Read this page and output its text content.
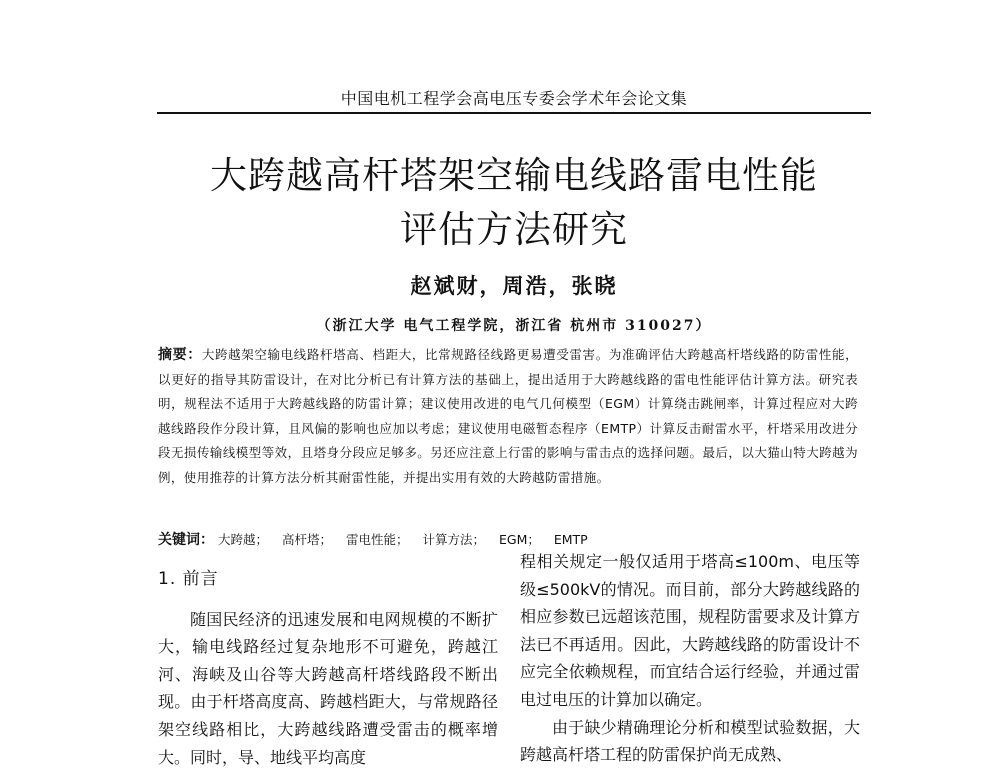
中国电机工程学会高电压专委会学术年会论文集
大跨越高杆塔架空输电线路雷电性能
评估方法研究
赵斌财，周浩，张晓
（浙江大学 电气工程学院，浙江省 杭州市 310027）
摘要：大跨越架空输电线路杆塔高、档距大，比常规路径线路更易遭受雷害。为准确评估大跨越高杆塔线路的防雷性能，以更好的指导其防雷设计，在对比分析已有计算方法的基础上，提出适用于大跨越线路的雷电性能评估计算方法。研究表明，规程法不适用于大跨越线路的防雷计算；建议使用改进的电气几何模型（EGM）计算绕击跳闸率，计算过程应对大跨越线路段作分段计算，且风偏的影响也应加以考虑；建议使用电磁暂态程序（EMTP）计算反击耐雷水平，杆塔采用改进分段无损传输线模型等效，且塔身分段应足够多。另还应注意上行雷的影响与雷击点的选择问题。最后，以大猫山特大跨越为例，使用推荐的计算方法分析其耐雷性能，并提出实用有效的大跨越防雷措施。
关键词： 大跨越； 高杆塔； 雷电性能； 计算方法； EGM； EMTP
1. 前言

随国民经济的迅速发展和电网规模的不断扩大，输电线路经过复杂地形不可避免，跨越江河、海峡及山谷等大跨越高杆塔线路段不断出现。由于杆塔高度高、跨越档距大，与常规路径架空线路相比，大跨越线路遭受雷击的概率增大。同时，导、地线平均高度

程相关规定一般仅适用于塔高≤100m、电压等级≤500kV的情况。而目前，部分大跨越线路的相应参数已远超该范围，规程防雷要求及计算方法已不再适用。因此，大跨越线路的防雷设计不应完全依赖规程，而宜结合运行经验，并通过雷电过电压的计算加以确定。

由于缺少精确理论分析和模型试验数据，大跨越高杆塔工程的防雷保护尚无成熟、
